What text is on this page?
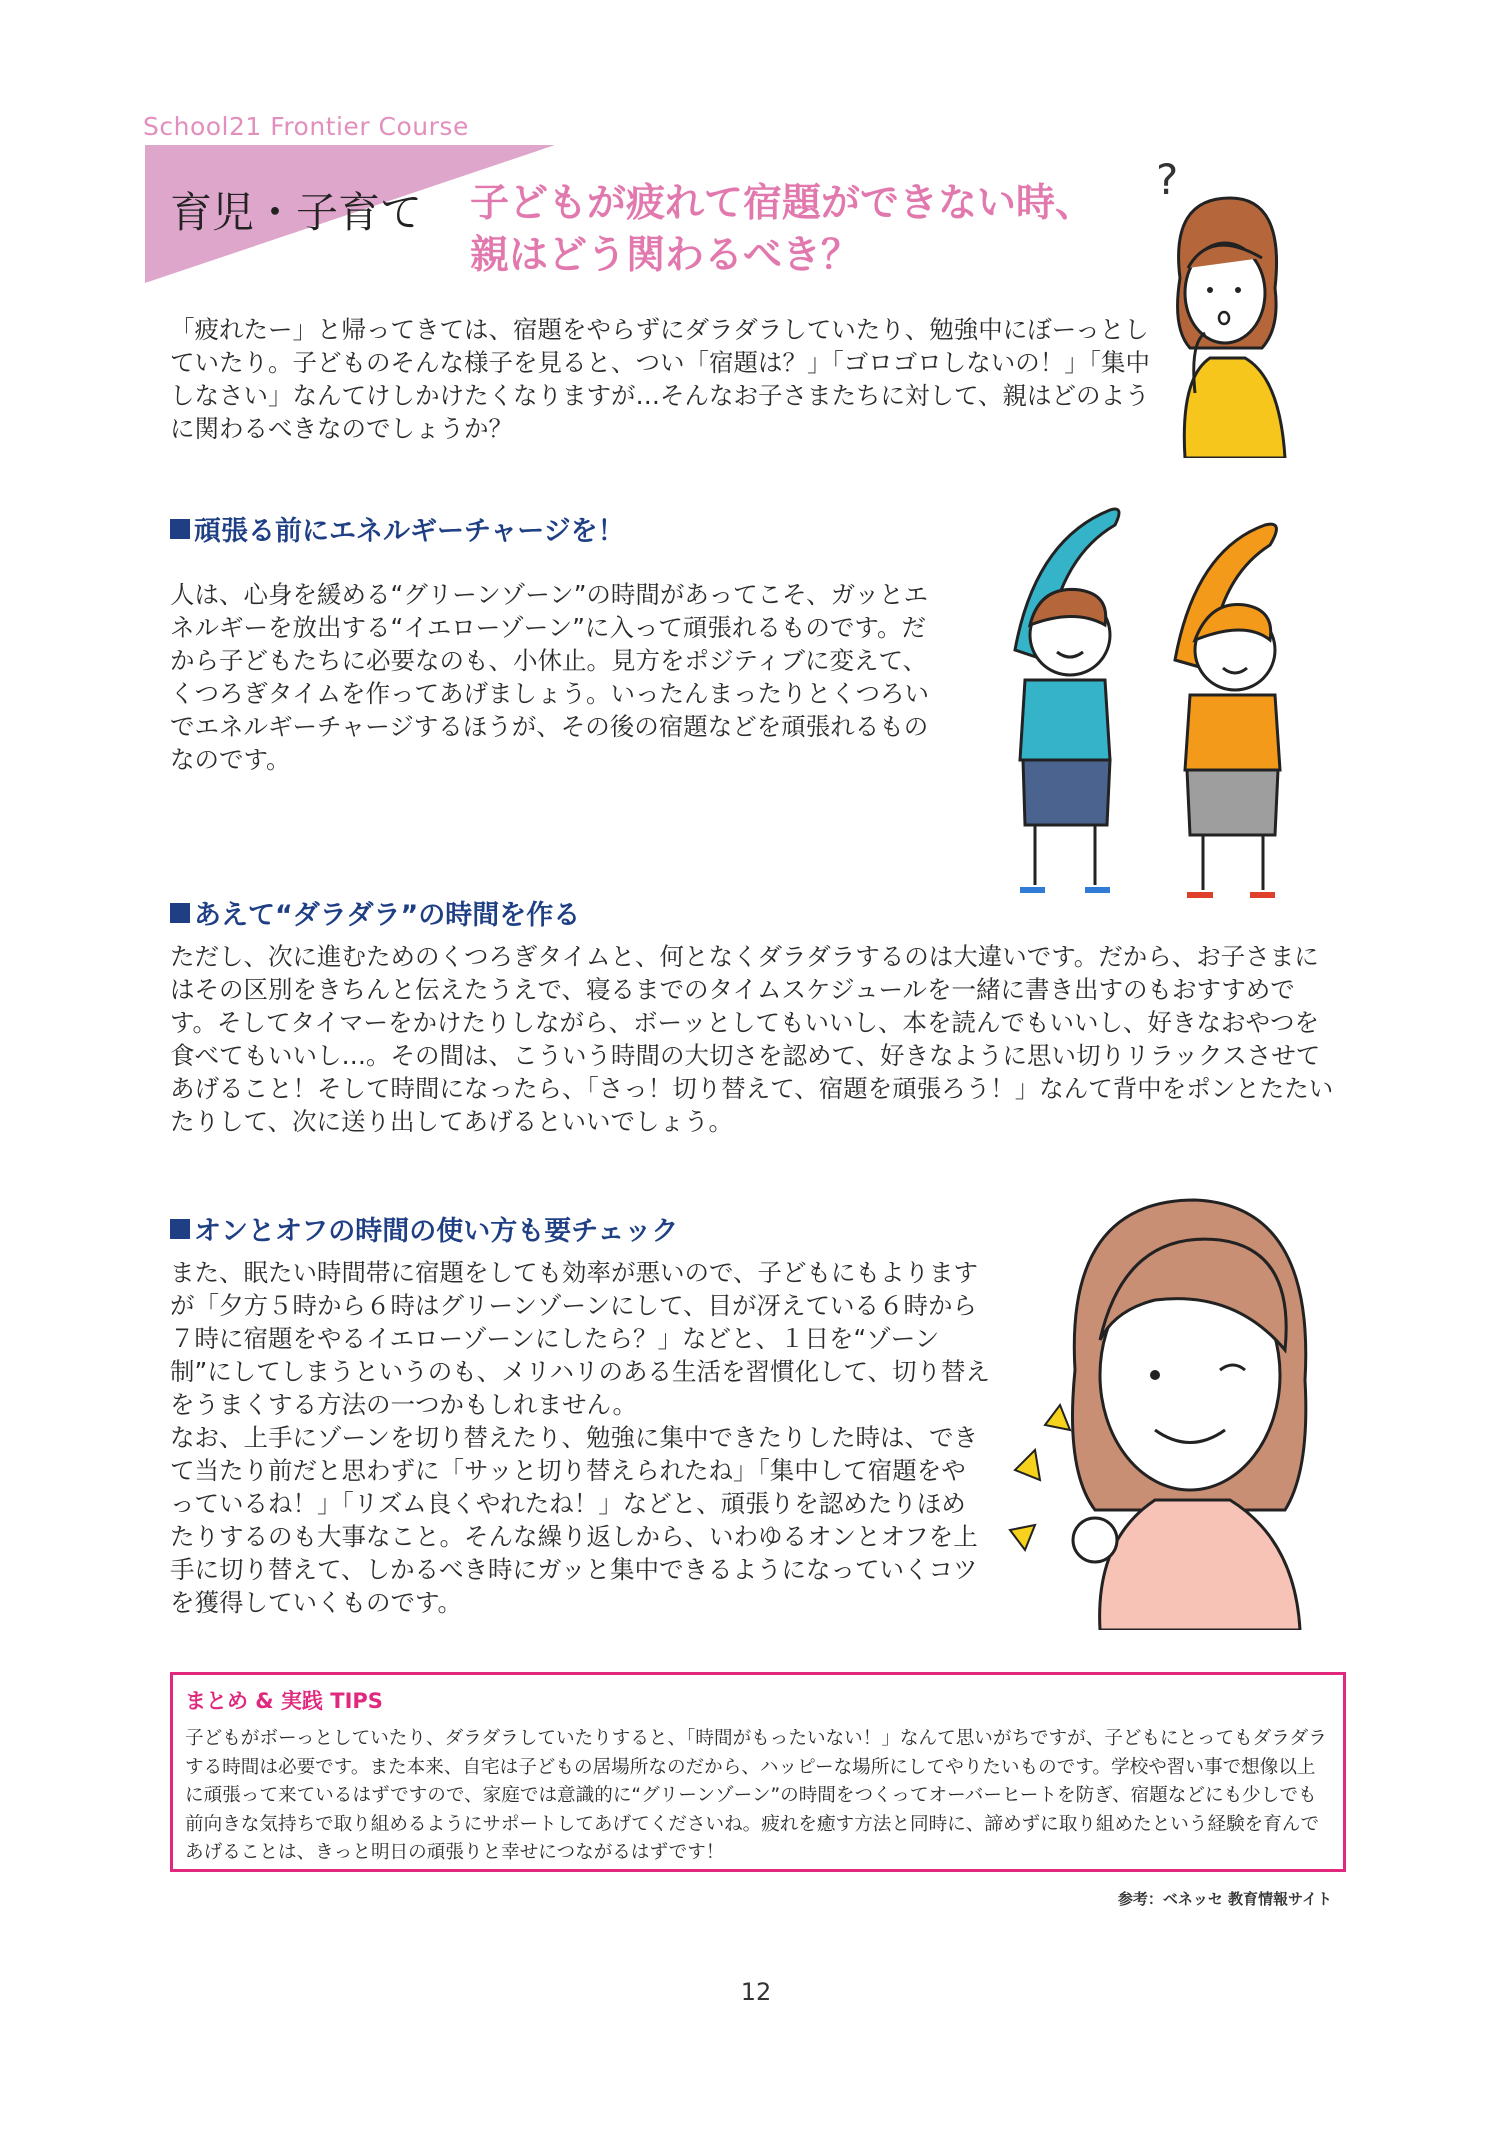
School21 Frontier Course
育児・子育て 子どもが疲れて宿題ができない時、
親はどう関わるべき？
?
「疲れたー」と帰ってきては、宿題をやらずにダラダラしていたり、勉強中にぼーっとしていたり。子どものそんな様子を見ると、つい「宿題は？」「ゴロゴロしないの！」「集中しなさい」なんてけしかけたくなりますが…そんなお子さまたちに対して、親はどのように関わるべきなのでしょうか？
頑張る前にエネルギーチャージを！

人は、心身を緩める“グリーンゾーン”の時間があってこそ、ガッとエネルギーを放出する“イエローゾーン”に入って頑張れるものです。だから子どもたちに必要なのも、小休止。見方をポジティブに変えて、くつろぎタイムを作ってあげましょう。いったんまったりとくつろいでエネルギーチャージするほうが、その後の宿題などを頑張れるものなのです。

あえて“ダラダラ”の時間を作る

ただし、次に進むためのくつろぎタイムと、何となくダラダラするのは大違いです。だから、お子さまにはその区別をきちんと伝えたうえで、寝るまでのタイムスケジュールを一緒に書き出すのもおすすめです。そしてタイマーをかけたりしながら、ボーッとしてもいいし、本を読んでもいいし、好きなおやつを食べてもいいし…。その間は、こういう時間の大切さを認めて、好きなように思い切りリラックスさせてあげること！そして時間になったら、「さっ！切り替えて、宿題を頑張ろう！」なんて背中をポンとたたいたりして、次に送り出してあげるといいでしょう。

オンとオフの時間の使い方も要チェック

また、眠たい時間帯に宿題をしても効率が悪いので、子どもにもよりますが「夕方５時から６時はグリーンゾーンにして、目が冴えている６時から７時に宿題をやるイエローゾーンにしたら？」などと、１日を“ゾーン制”にしてしまうというのも、メリハリのある生活を習慣化して、切り替えをうまくする方法の一つかもしれません。

なお、上手にゾーンを切り替えたり、勉強に集中できたりした時は、できて当たり前だと思わずに「サッと切り替えられたね」「集中して宿題をやっているね！」「リズム良くやれたね！」などと、頑張りを認めたりほめたりするのも大事なこと。そんな繰り返しから、いわゆるオンとオフを上手に切り替えて、しかるべき時にガッと集中できるようになっていくコツを獲得していくものです。

まとめ & 実践 TIPS

子どもがボーっとしていたり、ダラダラしていたりすると、「時間がもったいない！」なんて思いがちですが、子どもにとってもダラダラする時間は必要です。また本来、自宅は子どもの居場所なのだから、ハッピーな場所にしてやりたいものです。学校や習い事で想像以上に頑張って来ているはずですので、家庭では意識的に“グリーンゾーン”の時間をつくってオーバーヒートを防ぎ、宿題などにも少しでも前向きな気持ちで取り組めるようにサポートしてあげてくださいね。疲れを癒す方法と同時に、諦めずに取り組めたという経験を育んであげることは、きっと明日の頑張りと幸せにつながるはずです！

参考：ベネッセ 教育情報サイト
12
